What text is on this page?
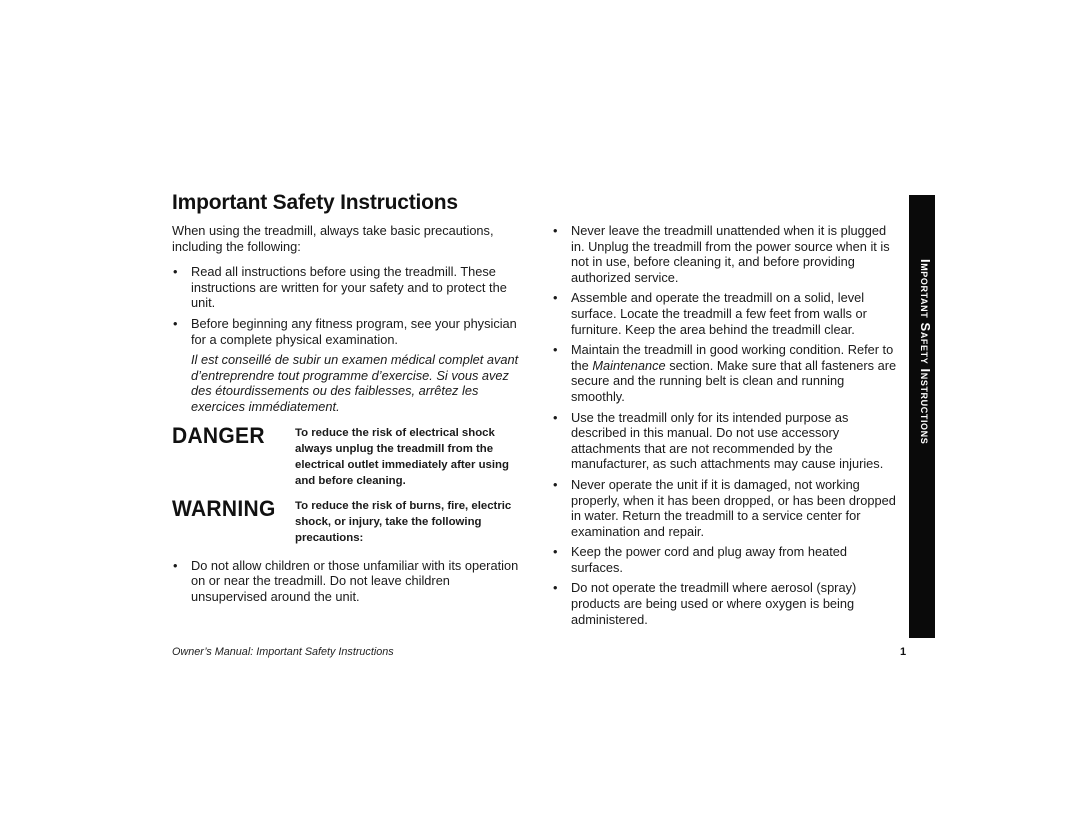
Important Safety Instructions

When using the treadmill, always take basic precautions, including the following:

• Read all instructions before using the treadmill. These instructions are written for your safety and to protect the unit.
• Before beginning any fitness program, see your physician for a complete physical examination.

Il est conseillé de subir un examen médical complet avant d’entreprendre tout programme d’exercise. Si vous avez des étourdissements ou des faiblesses, arrêtez les exercices immédiatement.

DANGER	To reduce the risk of electrical shock always unplug the treadmill from the electrical outlet immediately after using and before cleaning.
WARNING	To reduce the risk of burns, fire, electric shock, or injury, take the following precautions:
• Do not allow children or those unfamiliar with its operation on or near the treadmill. Do not leave children unsupervised around the unit.
• Never leave the treadmill unattended when it is plugged in. Unplug the treadmill from the power source when it is not in use, before cleaning it, and before providing authorized service.
• Assemble and operate the treadmill on a solid, level surface. Locate the treadmill a few feet from walls or furniture. Keep the area behind the treadmill clear.
• Maintain the treadmill in good working condition. Refer to the Maintenance section. Make sure that all fasteners are secure and the running belt is clean and running smoothly.
• Use the treadmill only for its intended purpose as described in this manual. Do not use accessory attachments that are not recommended by the manufacturer, as such attachments may cause injuries.
• Never operate the unit if it is damaged, not working properly, when it has been dropped, or has been dropped in water. Return the treadmill to a service center for examination and repair.
• Keep the power cord and plug away from heated surfaces.
• Do not operate the treadmill where aerosol (spray) products are being used or where oxygen is being administered.
Important Safety Instructions
Owner’s Manual: Important Safety Instructions	1
